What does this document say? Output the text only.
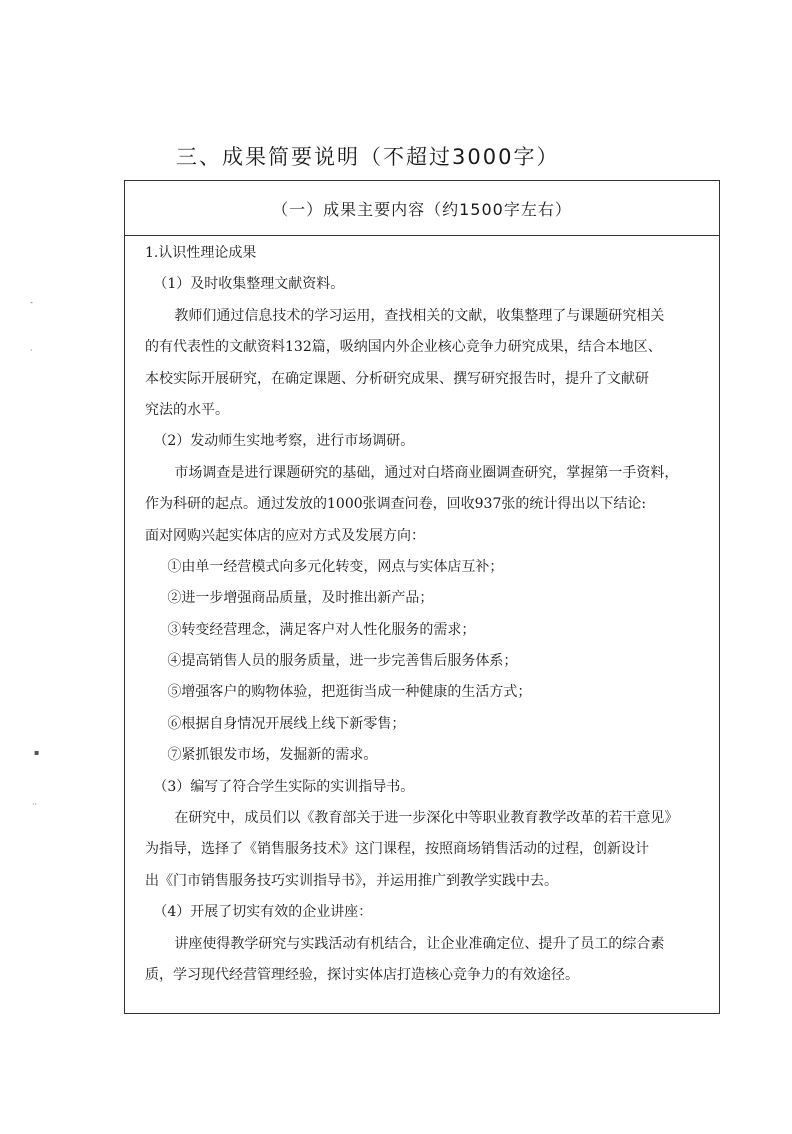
三、成果简要说明（不超过3000字）
-
·
▪
··
（一）成果主要内容（约1500字左右）
1.认识性理论成果
（1）及时收集整理文献资料。
教师们通过信息技术的学习运用，查找相关的文献，收集整理了与课题研究相关
的有代表性的文献资料132篇，吸纳国内外企业核心竞争力研究成果，结合本地区、
本校实际开展研究，在确定课题、分析研究成果、撰写研究报告时，提升了文献研
究法的水平。
（2）发动师生实地考察，进行市场调研。
市场调查是进行课题研究的基础，通过对白塔商业圈调查研究，掌握第一手资料，
作为科研的起点。通过发放的1000张调查问卷，回收937张的统计得出以下结论:
面对网购兴起实体店的应对方式及发展方向：
①由单一经营模式向多元化转变，网点与实体店互补；
②进一步增强商品质量，及时推出新产品；
③转变经营理念，满足客户对人性化服务的需求；
④提高销售人员的服务质量，进一步完善售后服务体系；
⑤增强客户的购物体验，把逛街当成一种健康的生活方式；
⑥根据自身情况开展线上线下新零售；
⑦紧抓银发市场，发掘新的需求。
（3）编写了符合学生实际的实训指导书。
在研究中，成员们以《教育部关于进一步深化中等职业教育教学改革的若干意见》
为指导，选择了《销售服务技术》这门课程，按照商场销售活动的过程，创新设计
出《门市销售服务技巧实训指导书》，并运用推广到教学实践中去。
（4）开展了切实有效的企业讲座：
讲座使得教学研究与实践活动有机结合，让企业准确定位、提升了员工的综合素
质，学习现代经营管理经验，探讨实体店打造核心竞争力的有效途径。
